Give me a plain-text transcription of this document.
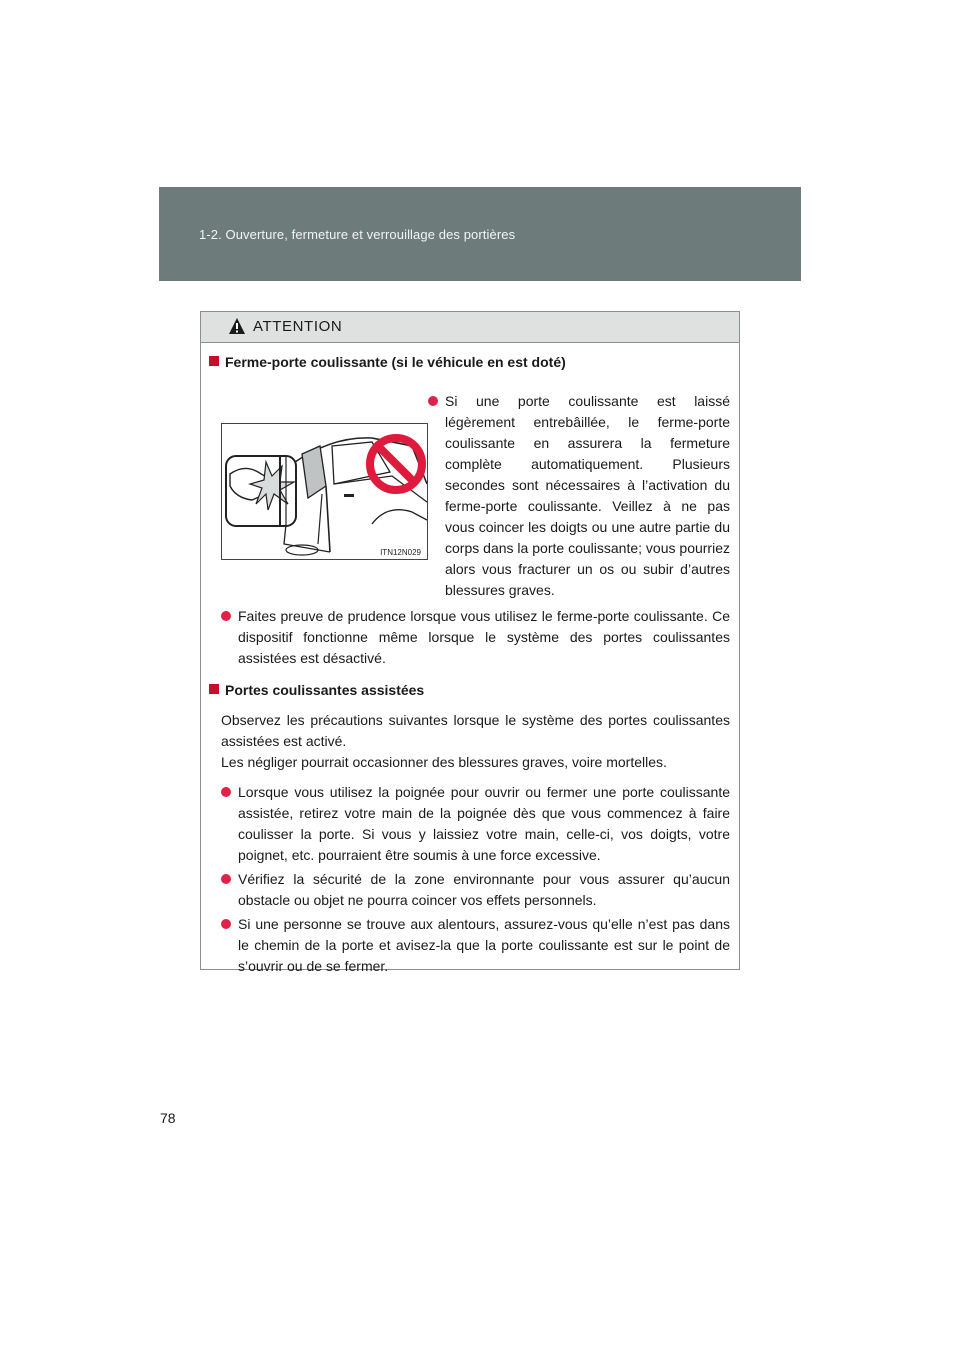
1-2. Ouverture, fermeture et verrouillage des portières
ATTENTION
Ferme-porte coulissante (si le véhicule en est doté)
ITN12N029
Si une porte coulissante est laissé légèrement entrebâillée, le ferme-porte coulissante en assurera la fermeture complète automatiquement. Plusieurs secondes sont nécessaires à l’activation du ferme-porte coulissante. Veillez à ne pas vous coincer les doigts ou une autre partie du corps dans la porte coulissante; vous pourriez alors vous fracturer un os ou subir d’autres blessures graves.
Faites preuve de prudence lorsque vous utilisez le ferme-porte coulissante. Ce dispositif fonctionne même lorsque le système des portes coulissantes assistées est désactivé.
Portes coulissantes assistées
Observez les précautions suivantes lorsque le système des portes coulissantes assistées est activé.
Les négliger pourrait occasionner des blessures graves, voire mortelles.
Lorsque vous utilisez la poignée pour ouvrir ou fermer une porte coulissante assistée, retirez votre main de la poignée dès que vous commencez à faire coulisser la porte. Si vous y laissiez votre main, celle-ci, vos doigts, votre poignet, etc. pourraient être soumis à une force excessive.
Vérifiez la sécurité de la zone environnante pour vous assurer qu’aucun obstacle ou objet ne pourra coincer vos effets personnels.
Si une personne se trouve aux alentours, assurez-vous qu’elle n’est pas dans le chemin de la porte et avisez-la que la porte coulissante est sur le point de s’ouvrir ou de se fermer.
78
